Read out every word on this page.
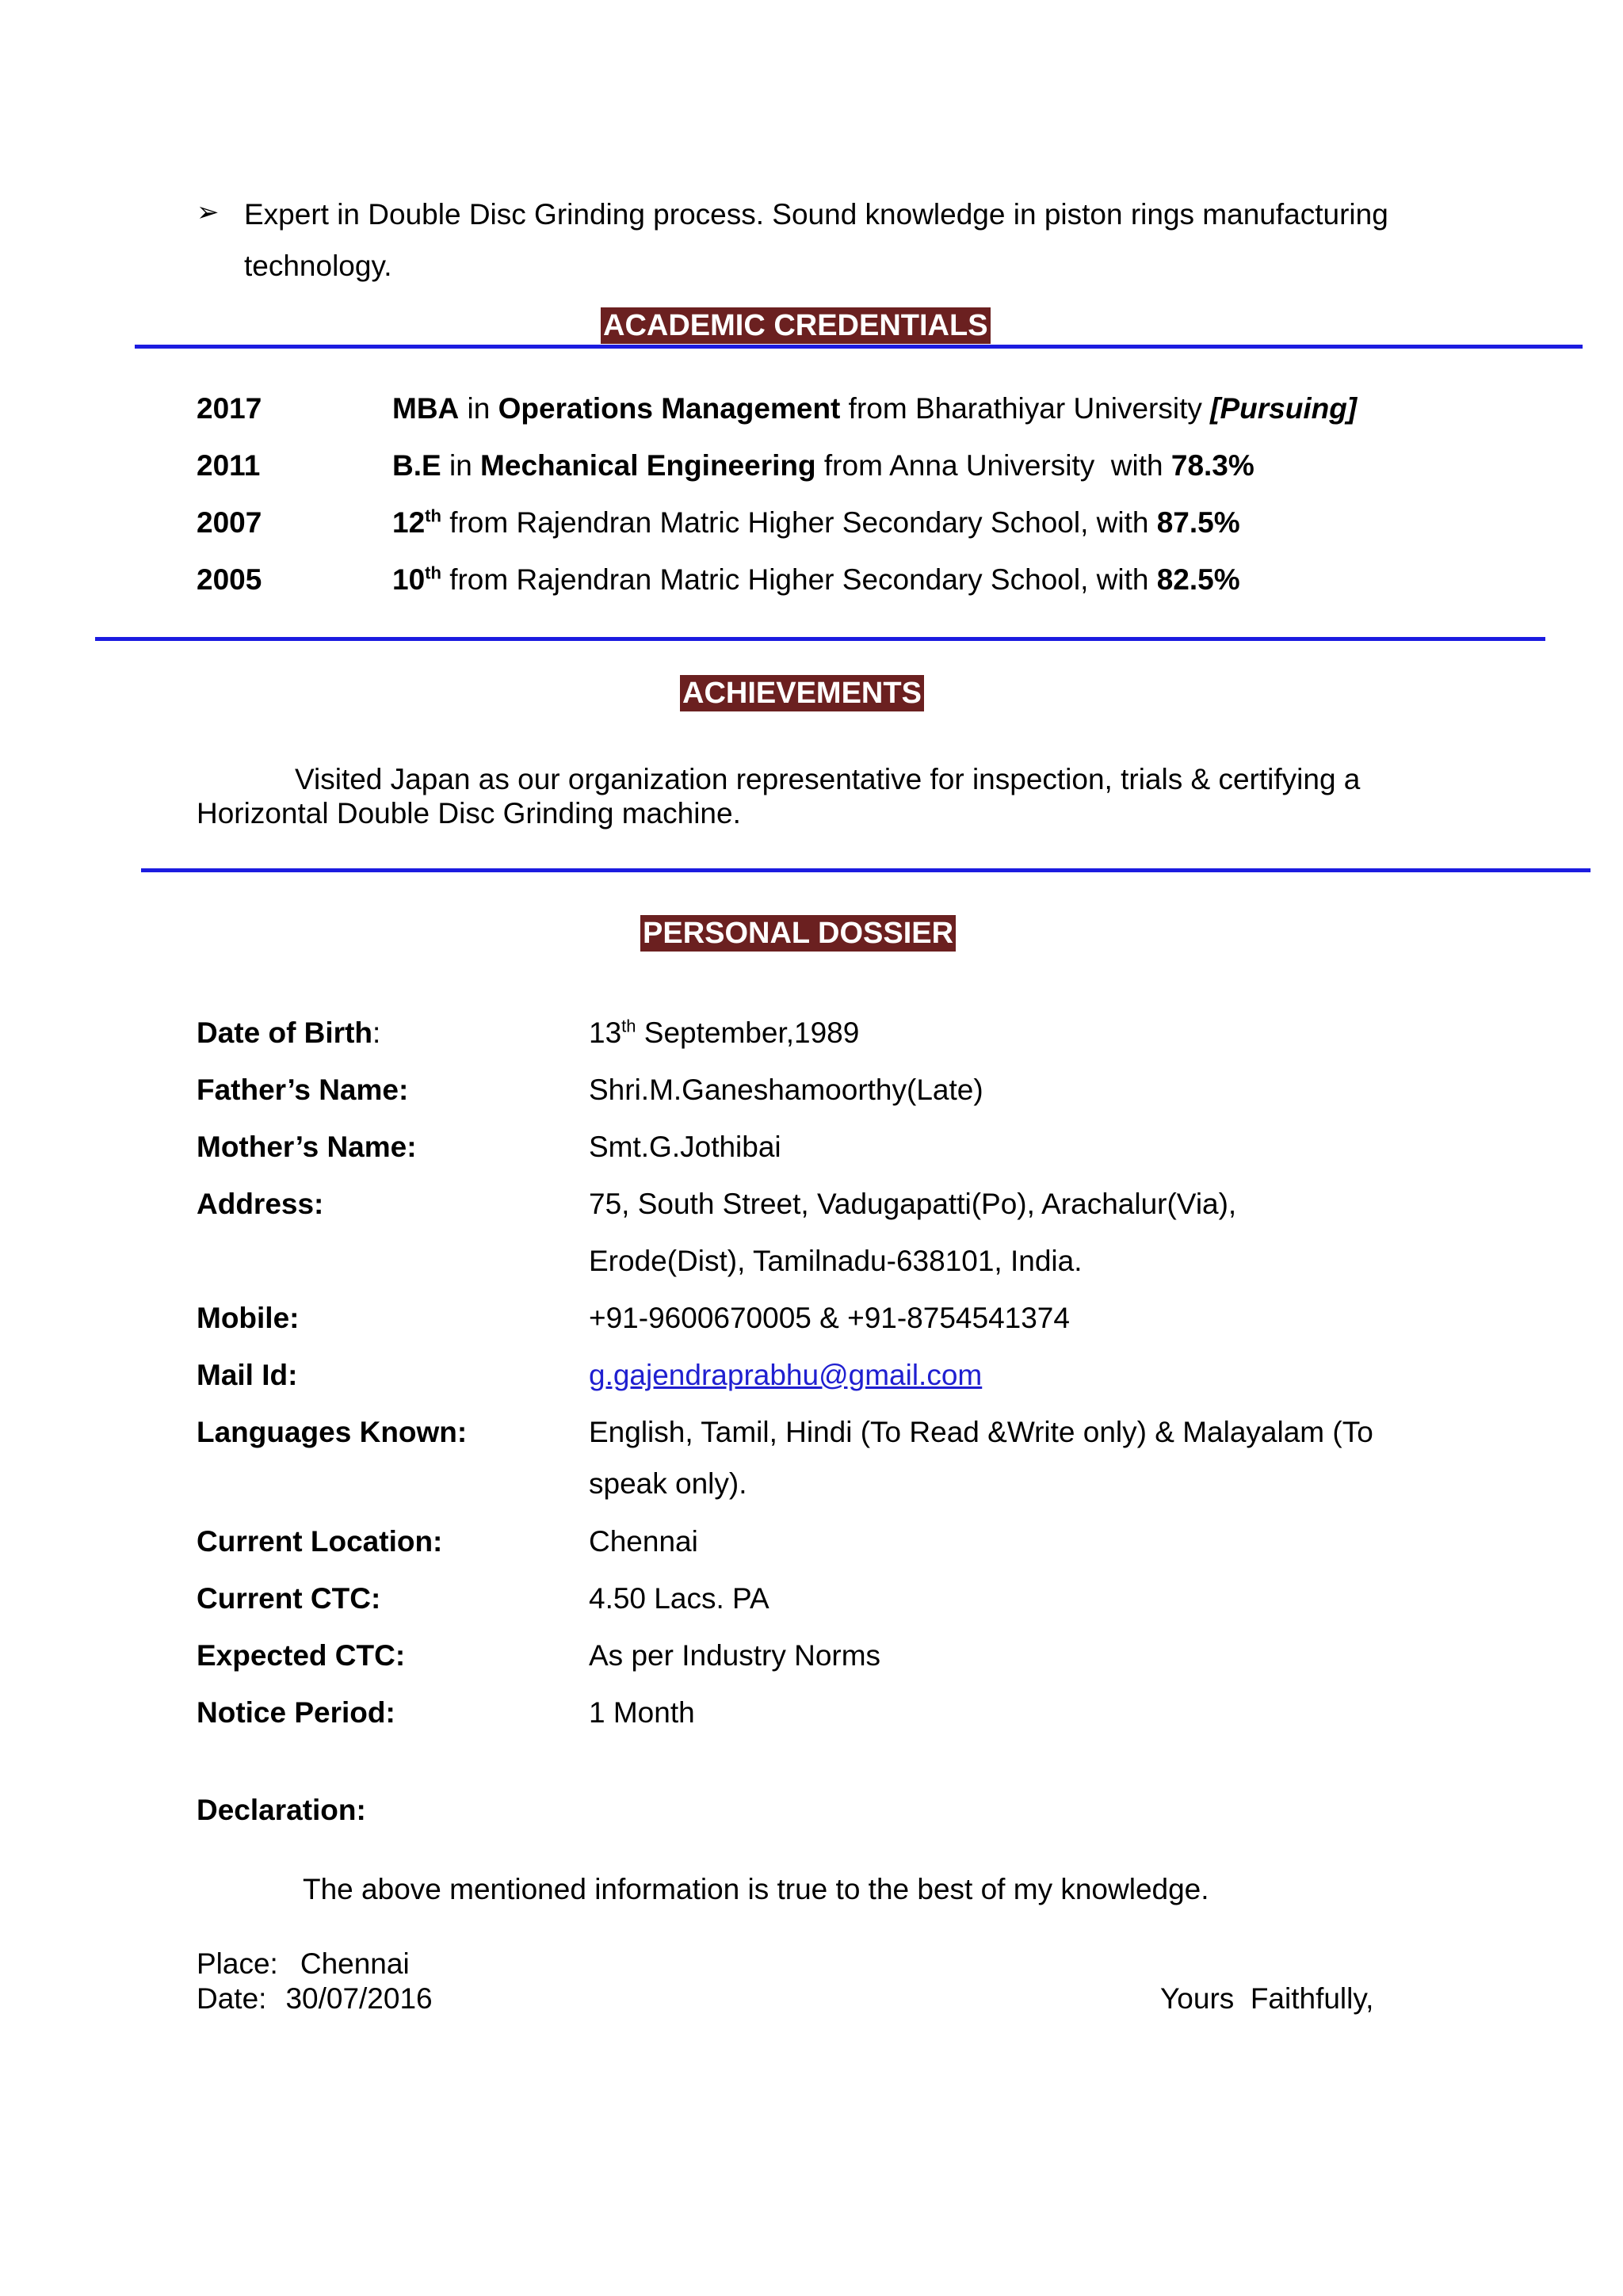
➢ Expert in Double Disc Grinding process. Sound knowledge in piston rings manufacturing
technology.
ACADEMIC CREDENTIALS
2017	MBA in Operations Management from Bharathiyar University [Pursuing]
2011	B.E in Mechanical Engineering from Anna University  with 78.3%
2007	12th from Rajendran Matric Higher Secondary School, with 87.5%
2005	10th from Rajendran Matric Higher Secondary School, with 82.5%
ACHIEVEMENTS
Visited Japan as our organization representative for inspection, trials & certifying a
Horizontal Double Disc Grinding machine.
PERSONAL DOSSIER
Date of Birth:	13th September,1989
Father’s Name:	Shri.M.Ganeshamoorthy(Late)
Mother’s Name:	Smt.G.Jothibai
Address:	75, South Street, Vadugapatti(Po), Arachalur(Via),
Erode(Dist), Tamilnadu-638101, India.
Mobile:	+91-9600670005 & +91-8754541374
Mail Id:	g.gajendraprabhu@gmail.com
Languages Known:	English, Tamil, Hindi (To Read &Write only) & Malayalam (To
speak only).
Current Location:	Chennai
Current CTC:	4.50 Lacs. PA
Expected CTC:	As per Industry Norms
Notice Period:	1 Month
Declaration:
The above mentioned information is true to the best of my knowledge.
Place: Chennai
Date: 30/07/2016	Yours  Faithfully,
